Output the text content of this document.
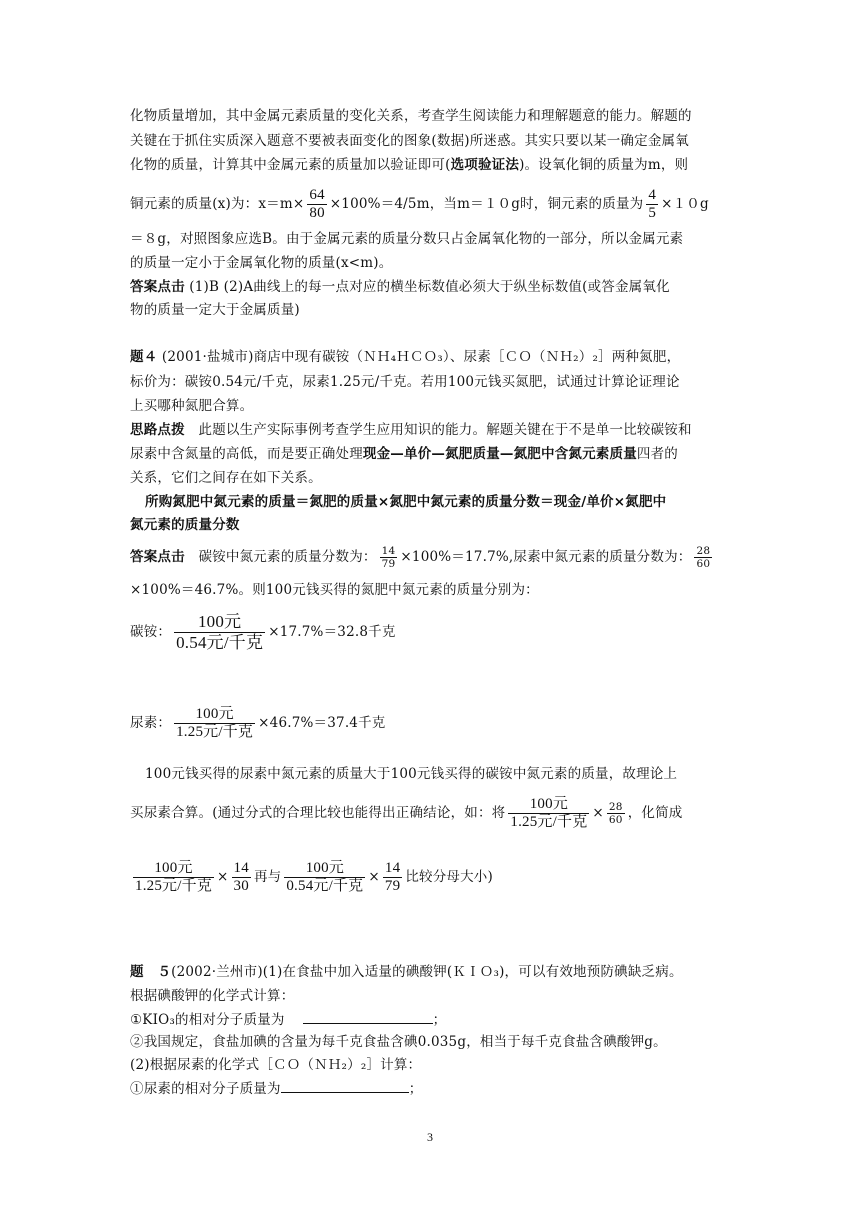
化物质量增加，其中金属元素质量的变化关系，考查学生阅读能力和理解题意的能力。解题的
关键在于抓住实质深入题意不要被表面变化的图象(数据)所迷惑。其实只要以某一确定金属氧
化物的质量，计算其中金属元素的质量加以验证即可(选项验证法)。设氧化铜的质量为m，则
铜元素的质量(x)为：$x=m\times \frac{64}{80} \times 100\%=4/5m$，当m＝１０g时，铜元素的质量为 $\frac{4}{5} \times 10g$
＝８g，对照图象应选B。由于金属元素的质量分数只占金属氧化物的一部分，所以金属元素
的质量一定小于金属氧化物的质量(x<m)。
答案点击 (1)B (2)A曲线上的每一点对应的横坐标数值必须大于纵坐标数值(或答金属氧化
物的质量一定大于金属质量)
题４ (2001·盐城市)商店中现有碳铵（ＮＨ₄ＨＣＯ₃）、尿素［ＣＯ（ＮＨ₂）₂］两种氮肥，
标价为：碳铵0.54元/千克，尿素1.25元/千克。若用100元钱买氮肥，试通过计算论证理论
上买哪种氮肥合算。
思路点拨　此题以生产实际事例考查学生应用知识的能力。解题关键在于不是单一比较碳铵和
尿素中含氮量的高低，而是要正确处理现金—单价—氮肥质量—氮肥中含氮元素质量四者的
关系，它们之间存在如下关系。
所购氮肥中氮元素的质量＝氮肥的质量×氮肥中氮元素的质量分数＝现金/单价×氮肥中
氮元素的质量分数
答案点击　碳铵中氮元素的质量分数为： $\frac{14}{79} \times 100\%=17.7\%$,尿素中氮元素的质量分数为： $\frac{28}{60}$
×100%＝46.7%。则100元钱买得的氮肥中氮元素的质量分别为：
碳铵： $\frac{\text{100元}}{\text{0.54元/千克}} \times 17.7\%=32.8$千克
尿素： $\frac{\text{100元}}{\text{1.25元/千克}} \times 46.7\%=37.4$千克
100元钱买得的尿素中氮元素的质量大于100元钱买得的碳铵中氮元素的质量，故理论上
买尿素合算。(通过分式的合理比较也能得出正确结论，如：将 $\frac{\text{100元}}{\text{1.25元/千克}} \times \frac{28}{60}$ ，化简成
$\frac{\text{100元}}{\text{1.25元/千克}} \times \frac{14}{30}$ 再与 $\frac{\text{100元}}{\text{0.54元/千克}} \times \frac{14}{79}$ 比较分母大小)
题　５(2002·兰州市)(1)在食盐中加入适量的碘酸钾(ＫＩＯ₃)，可以有效地预防碘缺乏病。
根据碘酸钾的化学式计算：
①KIO₃的相对分子质量为	；
②我国规定，食盐加碘的含量为每千克食盐含碘0.035g，相当于每千克食盐含碘酸钾g。
(2)根据尿素的化学式［ＣＯ（ＮＨ₂）₂］计算：
①尿素的相对分子质量为	；
3
